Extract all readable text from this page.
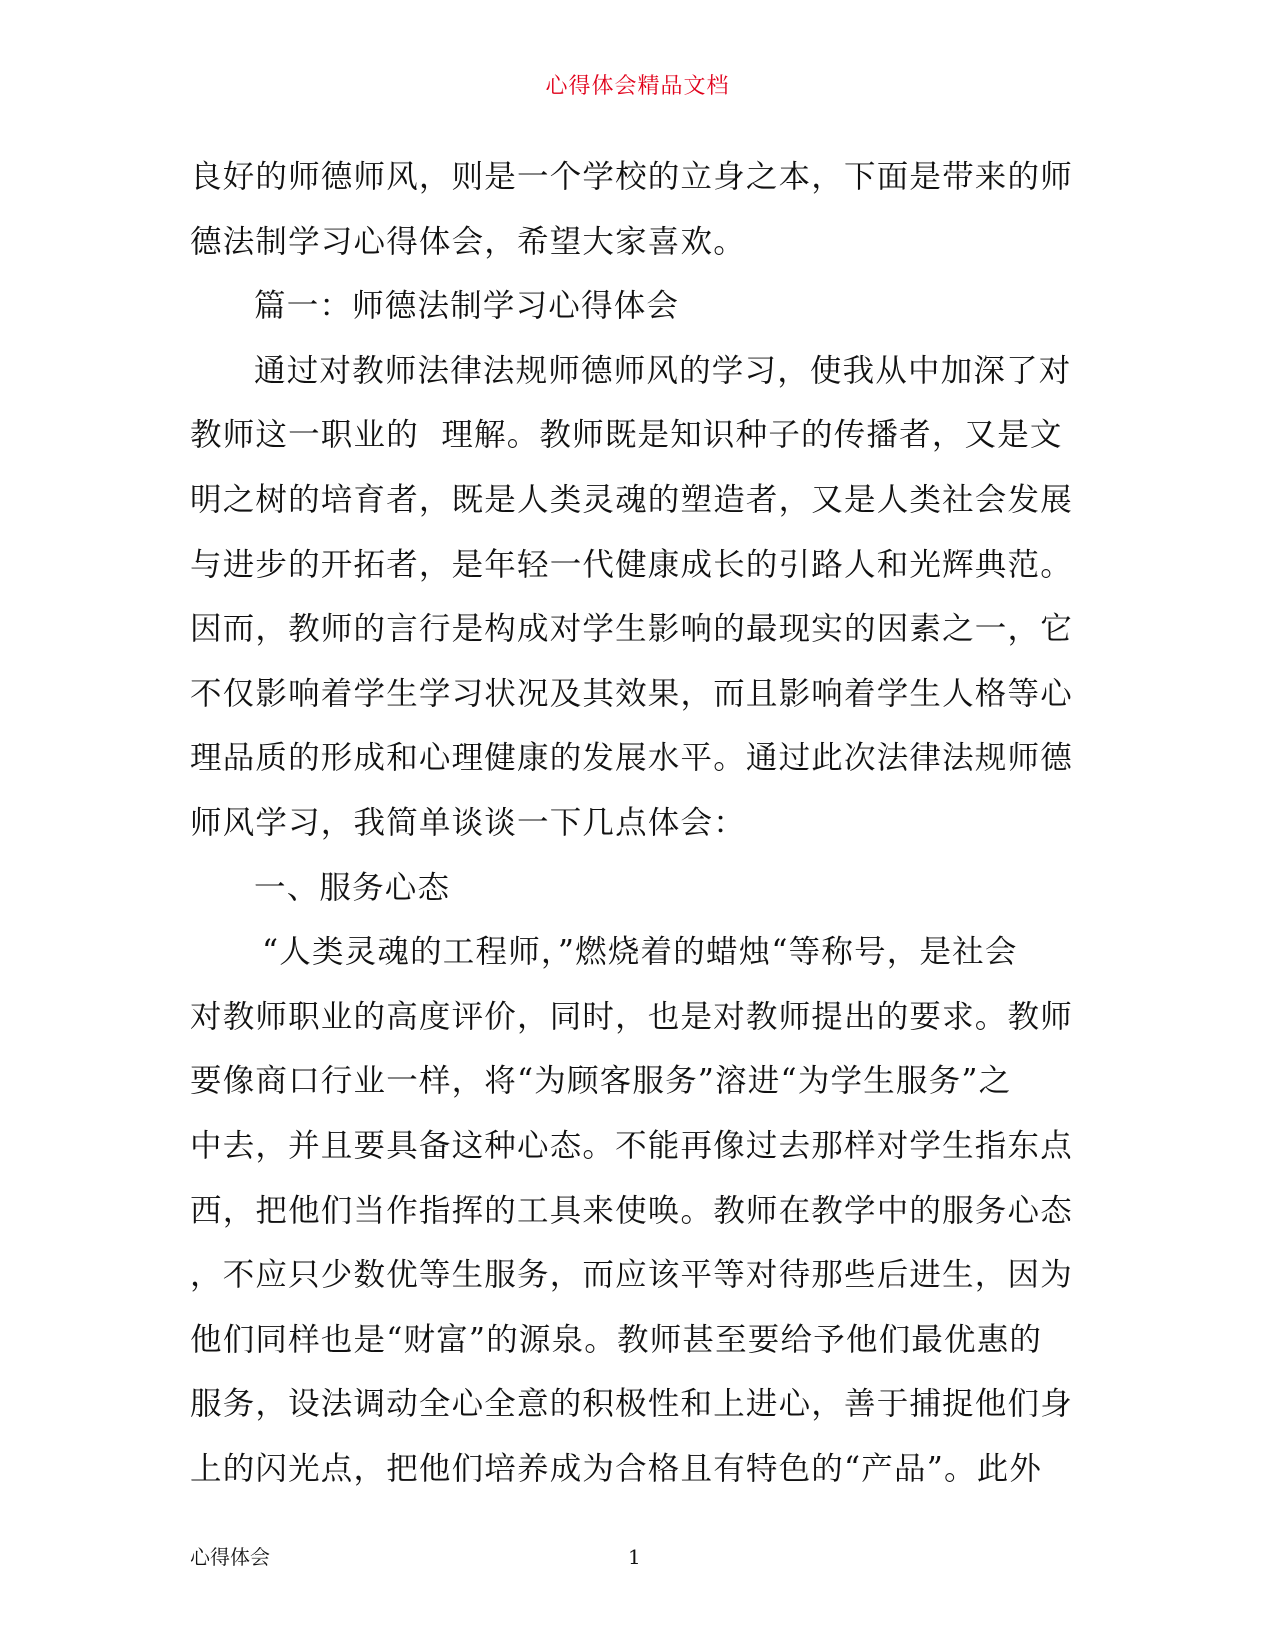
心得体会精品文档
良好的师德师风，则是一个学校的立身之本，下面是带来的师
德法制学习心得体会，希望大家喜欢。
篇一：师德法制学习心得体会
通过对教师法律法规师德师风的学习，使我从中加深了对
教师这一职业的  理解。教师既是知识种子的传播者，又是文
明之树的培育者，既是人类灵魂的塑造者，又是人类社会发展
与进步的开拓者，是年轻一代健康成长的引路人和光辉典范。
因而，教师的言行是构成对学生影响的最现实的因素之一，它
不仅影响着学生学习状况及其效果，而且影响着学生人格等心
理品质的形成和心理健康的发展水平。通过此次法律法规师德
师风学习，我简单谈谈一下几点体会：
一、服务心态
“人类灵魂的工程师，”燃烧着的蜡烛“等称号，是社会
对教师职业的高度评价，同时，也是对教师提出的要求。教师
要像商口行业一样，将“为顾客服务”溶进“为学生服务”之
中去，并且要具备这种心态。不能再像过去那样对学生指东点
西，把他们当作指挥的工具来使唤。教师在教学中的服务心态
，不应只少数优等生服务，而应该平等对待那些后进生，因为
他们同样也是“财富”的源泉。教师甚至要给予他们最优惠的
服务，设法调动全心全意的积极性和上进心，善于捕捉他们身
上的闪光点，把他们培养成为合格且有特色的“产品”。此外
心得体会	1
